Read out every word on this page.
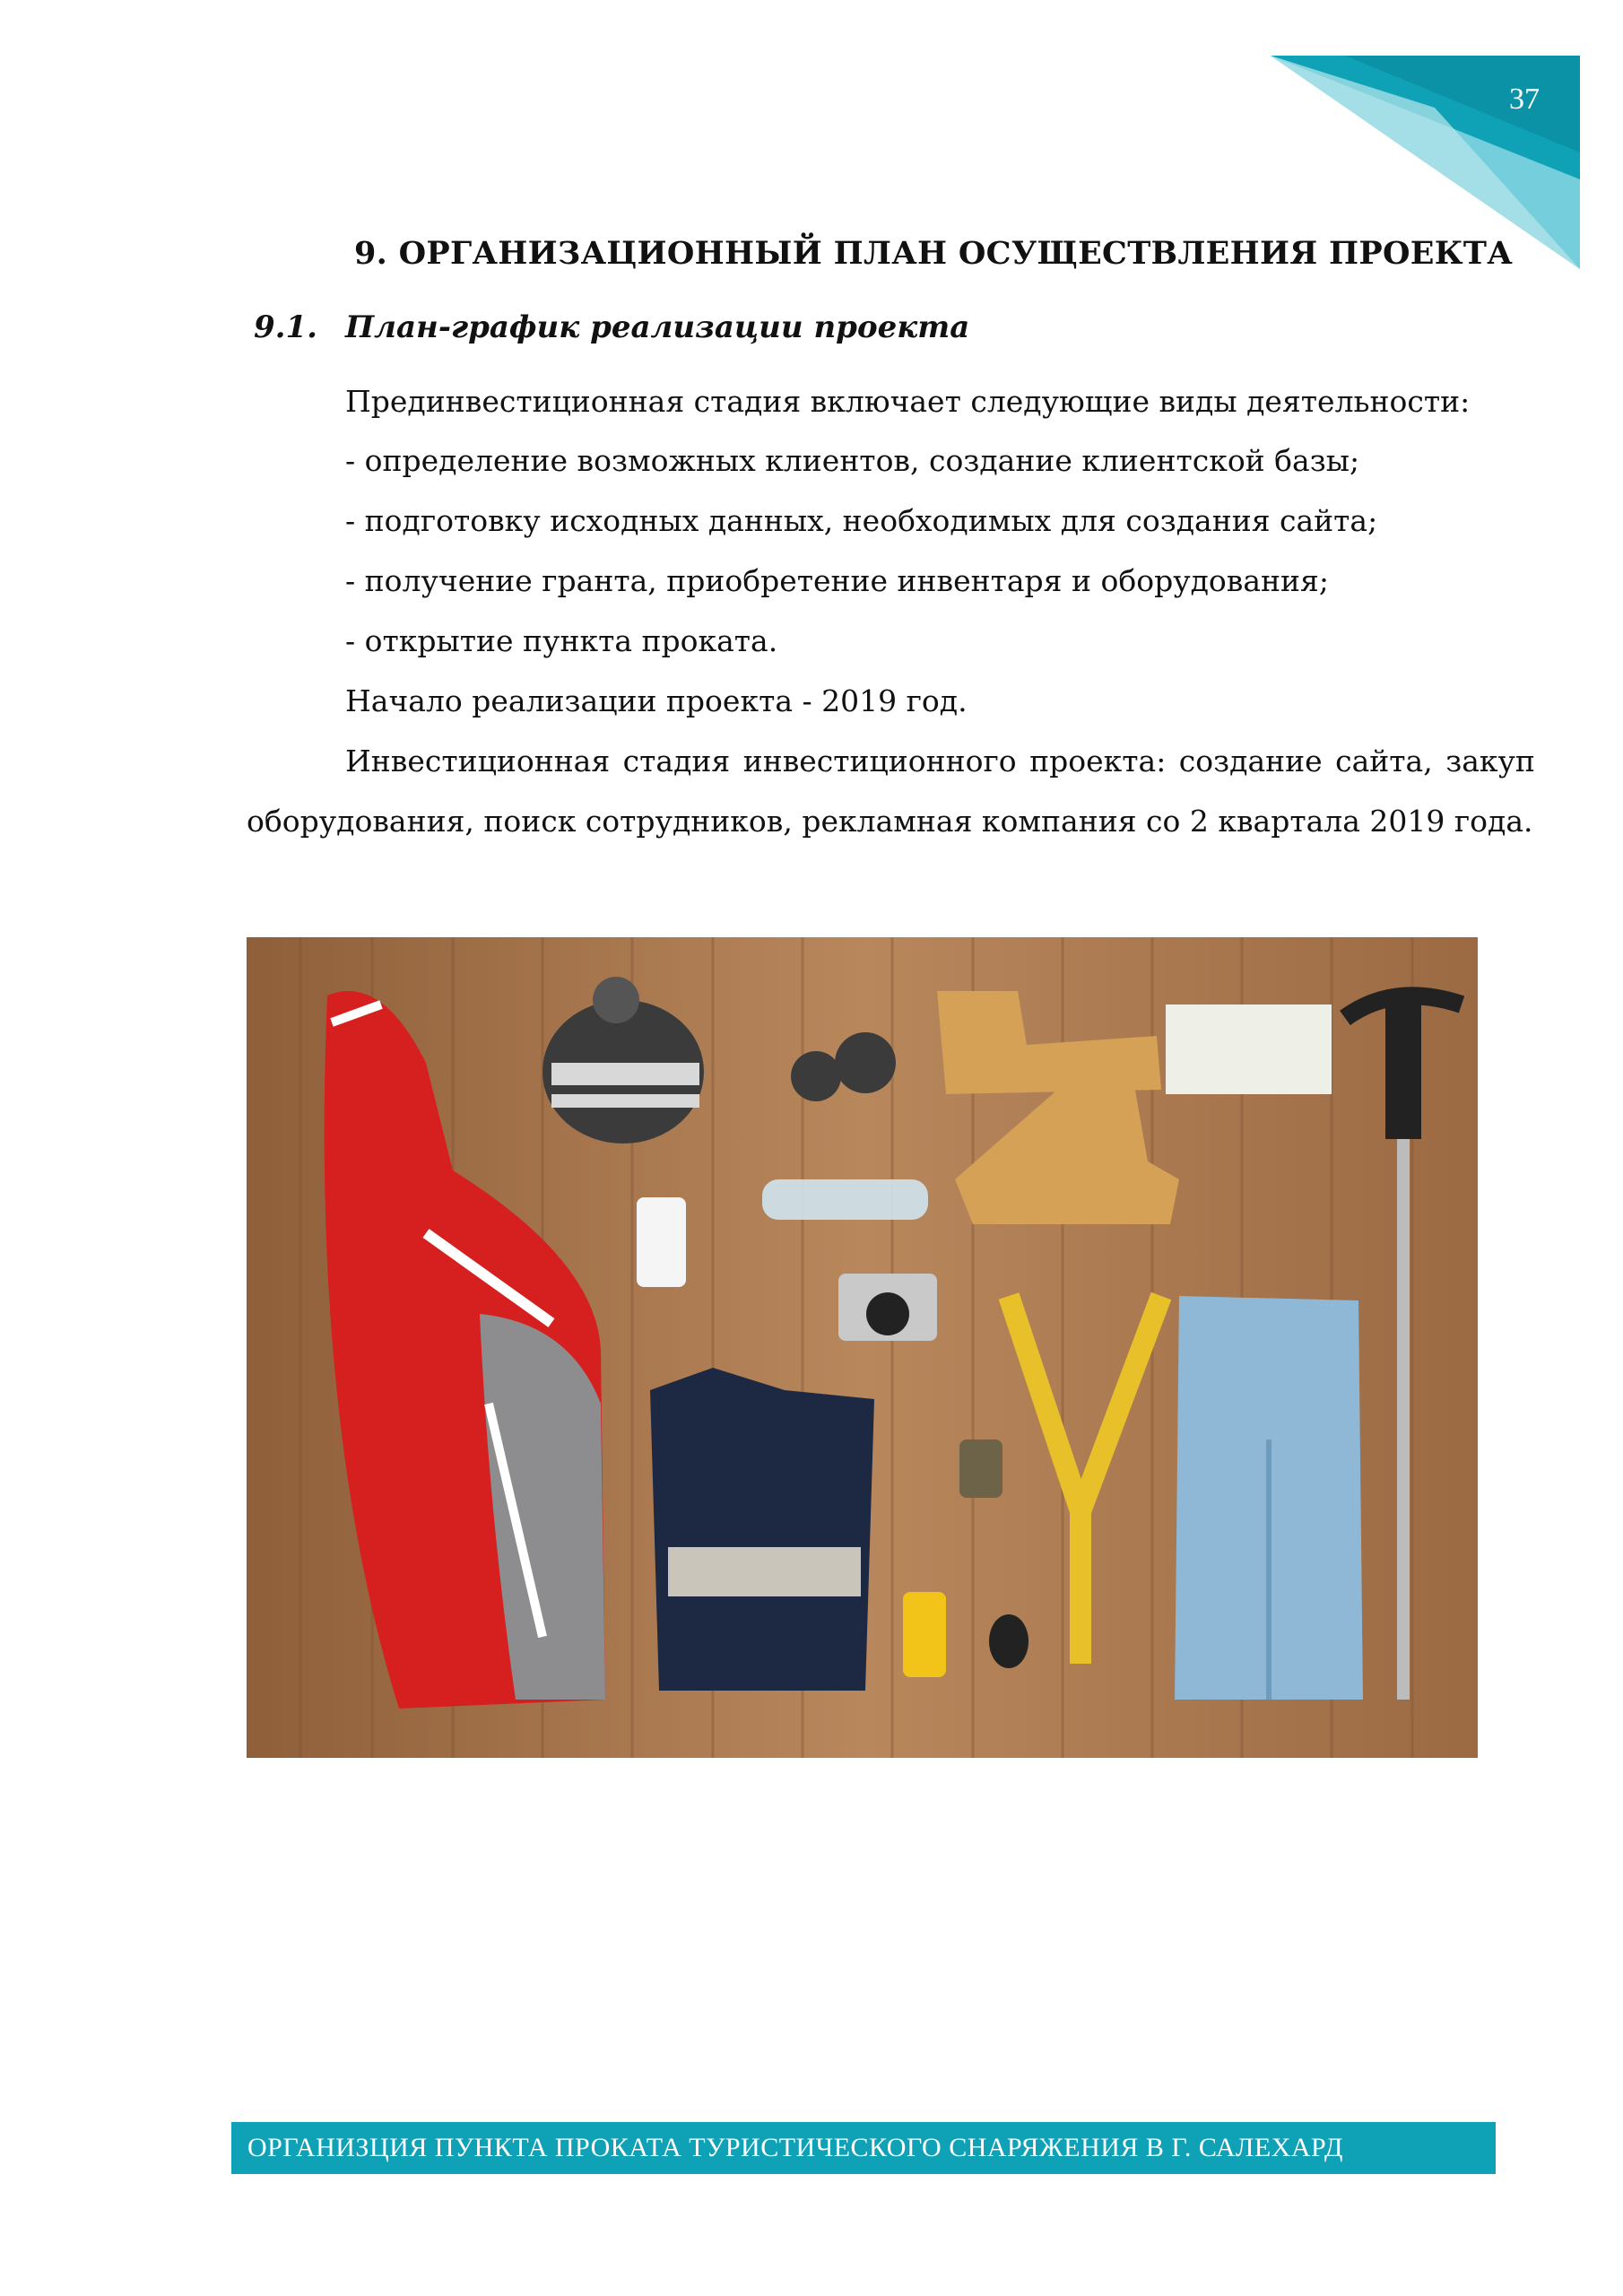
37
9. ОРГАНИЗАЦИОННЫЙ ПЛАН ОСУЩЕСТВЛЕНИЯ ПРОЕКТА
9.1. План-график реализации проекта
Прединвестиционная стадия включает следующие виды деятельности:
- определение возможных клиентов, создание клиентской базы;
- подготовку исходных данных, необходимых для создания сайта;
- получение гранта, приобретение инвентаря и оборудования;
- открытие пункта проката.
Начало реализации проекта - 2019 год.
Инвестиционная стадия инвестиционного проекта: создание сайта, закуп
оборудования, поиск сотрудников, рекламная компания со 2 квартала 2019 года.
ОРГАНИЗЦИЯ ПУНКТА ПРОКАТА ТУРИСТИЧЕСКОГО СНАРЯЖЕНИЯ В Г. САЛЕХАРД
